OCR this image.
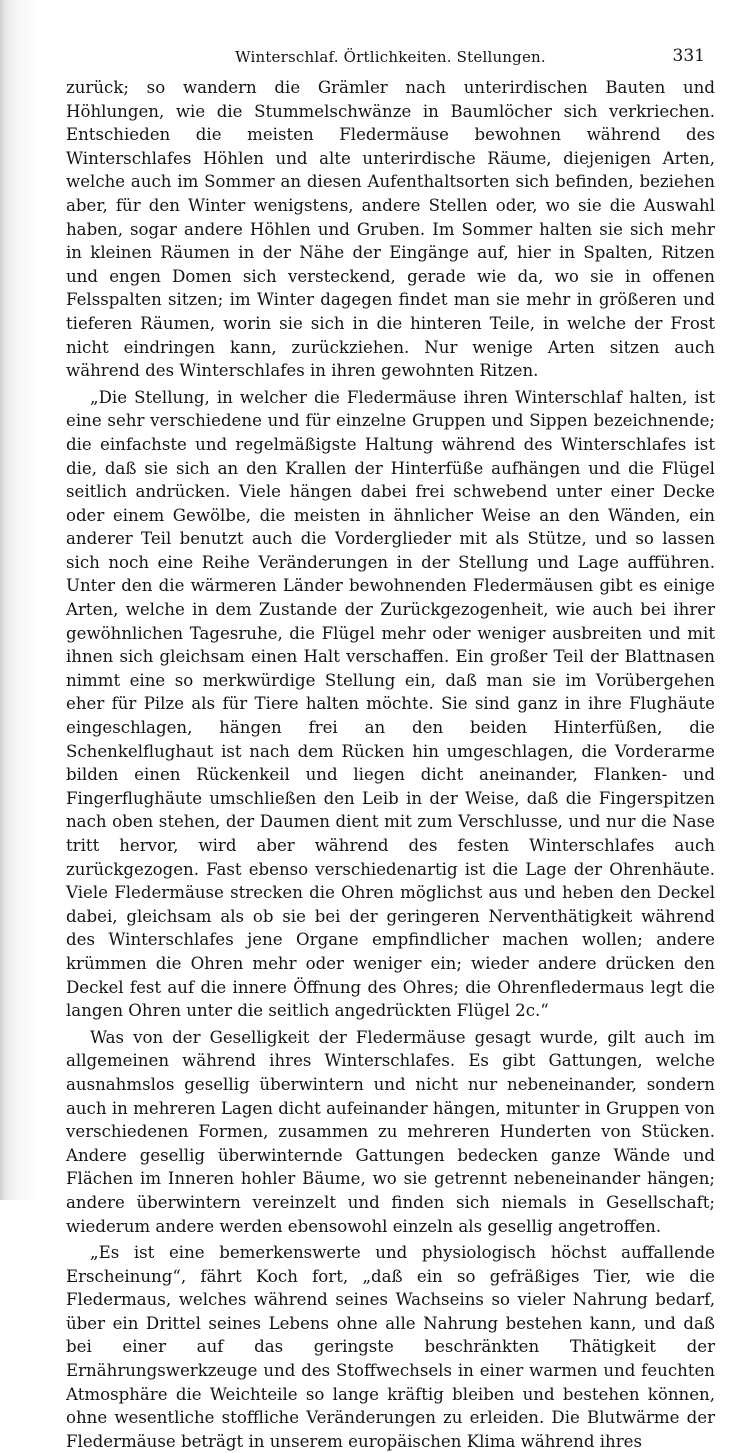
Winterschlaf. Örtlichkeiten. Stellungen.	331

zurück; so wandern die Grämler nach unterirdischen Bauten und Höhlungen, wie die Stummelschwänze in Baumlöcher sich verkriechen. Entschieden die meisten Fledermäuse bewohnen während des Winterschlafes Höhlen und alte unterirdische Räume, diejenigen Arten, welche auch im Sommer an diesen Aufenthaltsorten sich befinden, beziehen aber, für den Winter wenigstens, andere Stellen oder, wo sie die Auswahl haben, sogar andere Höhlen und Gruben. Im Sommer halten sie sich mehr in kleinen Räumen in der Nähe der Eingänge auf, hier in Spalten, Ritzen und engen Domen sich versteckend, gerade wie da, wo sie in offenen Felsspalten sitzen; im Winter dagegen findet man sie mehr in größeren und tieferen Räumen, worin sie sich in die hinteren Teile, in welche der Frost nicht eindringen kann, zurückziehen. Nur wenige Arten sitzen auch während des Winterschlafes in ihren gewohnten Ritzen.

„Die Stellung, in welcher die Fledermäuse ihren Winterschlaf halten, ist eine sehr verschiedene und für einzelne Gruppen und Sippen bezeichnende; die einfachste und regelmäßigste Haltung während des Winterschlafes ist die, daß sie sich an den Krallen der Hinterfüße aufhängen und die Flügel seitlich andrücken. Viele hängen dabei frei schwebend unter einer Decke oder einem Gewölbe, die meisten in ähnlicher Weise an den Wänden, ein anderer Teil benutzt auch die Vorderglieder mit als Stütze, und so lassen sich noch eine Reihe Veränderungen in der Stellung und Lage aufführen. Unter den die wärmeren Länder bewohnenden Fledermäusen gibt es einige Arten, welche in dem Zustande der Zurückgezogenheit, wie auch bei ihrer gewöhnlichen Tagesruhe, die Flügel mehr oder weniger ausbreiten und mit ihnen sich gleichsam einen Halt verschaffen. Ein großer Teil der Blattnasen nimmt eine so merkwürdige Stellung ein, daß man sie im Vorübergehen eher für Pilze als für Tiere halten möchte. Sie sind ganz in ihre Flughäute eingeschlagen, hängen frei an den beiden Hinterfüßen, die Schenkelflughaut ist nach dem Rücken hin umgeschlagen, die Vorderarme bilden einen Rückenkeil und liegen dicht aneinander, Flanken- und Fingerflughäute umschließen den Leib in der Weise, daß die Fingerspitzen nach oben stehen, der Daumen dient mit zum Verschlusse, und nur die Nase tritt hervor, wird aber während des festen Winterschlafes auch zurückgezogen. Fast ebenso verschiedenartig ist die Lage der Ohrenhäute. Viele Fledermäuse strecken die Ohren möglichst aus und heben den Deckel dabei, gleichsam als ob sie bei der geringeren Nerventhätigkeit während des Winterschlafes jene Organe empfindlicher machen wollen; andere krümmen die Ohren mehr oder weniger ein; wieder andere drücken den Deckel fest auf die innere Öffnung des Ohres; die Ohrenfledermaus legt die langen Ohren unter die seitlich angedrückten Flügel 2c.“

Was von der Geselligkeit der Fledermäuse gesagt wurde, gilt auch im allgemeinen während ihres Winterschlafes. Es gibt Gattungen, welche ausnahmslos gesellig überwintern und nicht nur nebeneinander, sondern auch in mehreren Lagen dicht aufeinander hängen, mitunter in Gruppen von verschiedenen Formen, zusammen zu mehreren Hunderten von Stücken. Andere gesellig überwinternde Gattungen bedecken ganze Wände und Flächen im Inneren hohler Bäume, wo sie getrennt nebeneinander hängen; andere überwintern vereinzelt und finden sich niemals in Gesellschaft; wiederum andere werden ebensowohl einzeln als gesellig angetroffen.

„Es ist eine bemerkenswerte und physiologisch höchst auffallende Erscheinung“, fährt Koch fort, „daß ein so gefräßiges Tier, wie die Fledermaus, welches während seines Wachseins so vieler Nahrung bedarf, über ein Drittel seines Lebens ohne alle Nahrung bestehen kann, und daß bei einer auf das geringste beschränkten Thätigkeit der Ernährungswerkzeuge und des Stoffwechsels in einer warmen und feuchten Atmosphäre die Weichteile so lange kräftig bleiben und bestehen können, ohne wesentliche stoffliche Veränderungen zu erleiden. Die Blutwärme der Fledermäuse beträgt in unserem europäischen Klima während ihres
